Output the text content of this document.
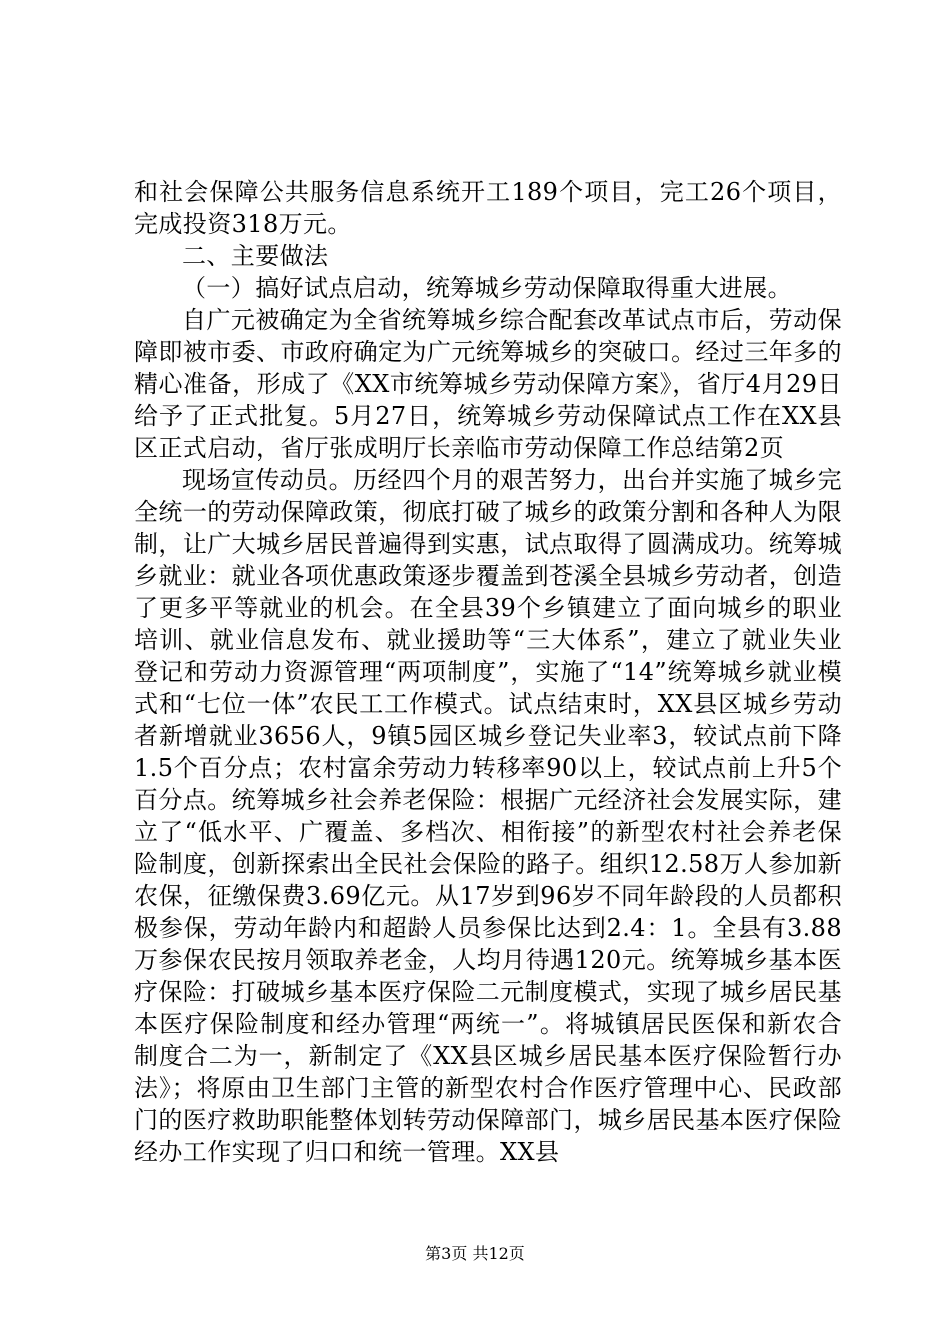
和社会保障公共服务信息系统开工189个项目，完工26个项目，完成投资318万元。

二、主要做法

（一）搞好试点启动，统筹城乡劳动保障取得重大进展。

自广元被确定为全省统筹城乡综合配套改革试点市后，劳动保障即被市委、市政府确定为广元统筹城乡的突破口。经过三年多的精心准备，形成了《XX市统筹城乡劳动保障方案》，省厅4月29日给予了正式批复。5月27日，统筹城乡劳动保障试点工作在XX县区正式启动，省厅张成明厅长亲临市劳动保障工作总结第2页

现场宣传动员。历经四个月的艰苦努力，出台并实施了城乡完全统一的劳动保障政策，彻底打破了城乡的政策分割和各种人为限制，让广大城乡居民普遍得到实惠，试点取得了圆满成功。统筹城乡就业：就业各项优惠政策逐步覆盖到苍溪全县城乡劳动者，创造了更多平等就业的机会。在全县39个乡镇建立了面向城乡的职业培训、就业信息发布、就业援助等“三大体系”，建立了就业失业登记和劳动力资源管理“两项制度”，实施了“14”统筹城乡就业模式和“七位一体”农民工工作模式。试点结束时，XX县区城乡劳动者新增就业3656人，9镇5园区城乡登记失业率3，较试点前下降1.5个百分点；农村富余劳动力转移率90以上，较试点前上升5个百分点。统筹城乡社会养老保险：根据广元经济社会发展实际，建立了“低水平、广覆盖、多档次、相衔接”的新型农村社会养老保险制度，创新探索出全民社会保险的路子。组织12.58万人参加新农保，征缴保费3.69亿元。从17岁到96岁不同年龄段的人员都积极参保，劳动年龄内和超龄人员参保比达到2.4：1。全县有3.88万参保农民按月领取养老金，人均月待遇120元。统筹城乡基本医疗保险：打破城乡基本医疗保险二元制度模式，实现了城乡居民基本医疗保险制度和经办管理“两统一”。将城镇居民医保和新农合制度合二为一，新制定了《XX县区城乡居民基本医疗保险暂行办法》；将原由卫生部门主管的新型农村合作医疗管理中心、民政部门的医疗救助职能整体划转劳动保障部门，城乡居民基本医疗保险经办工作实现了归口和统一管理。XX县

第3页 共12页
